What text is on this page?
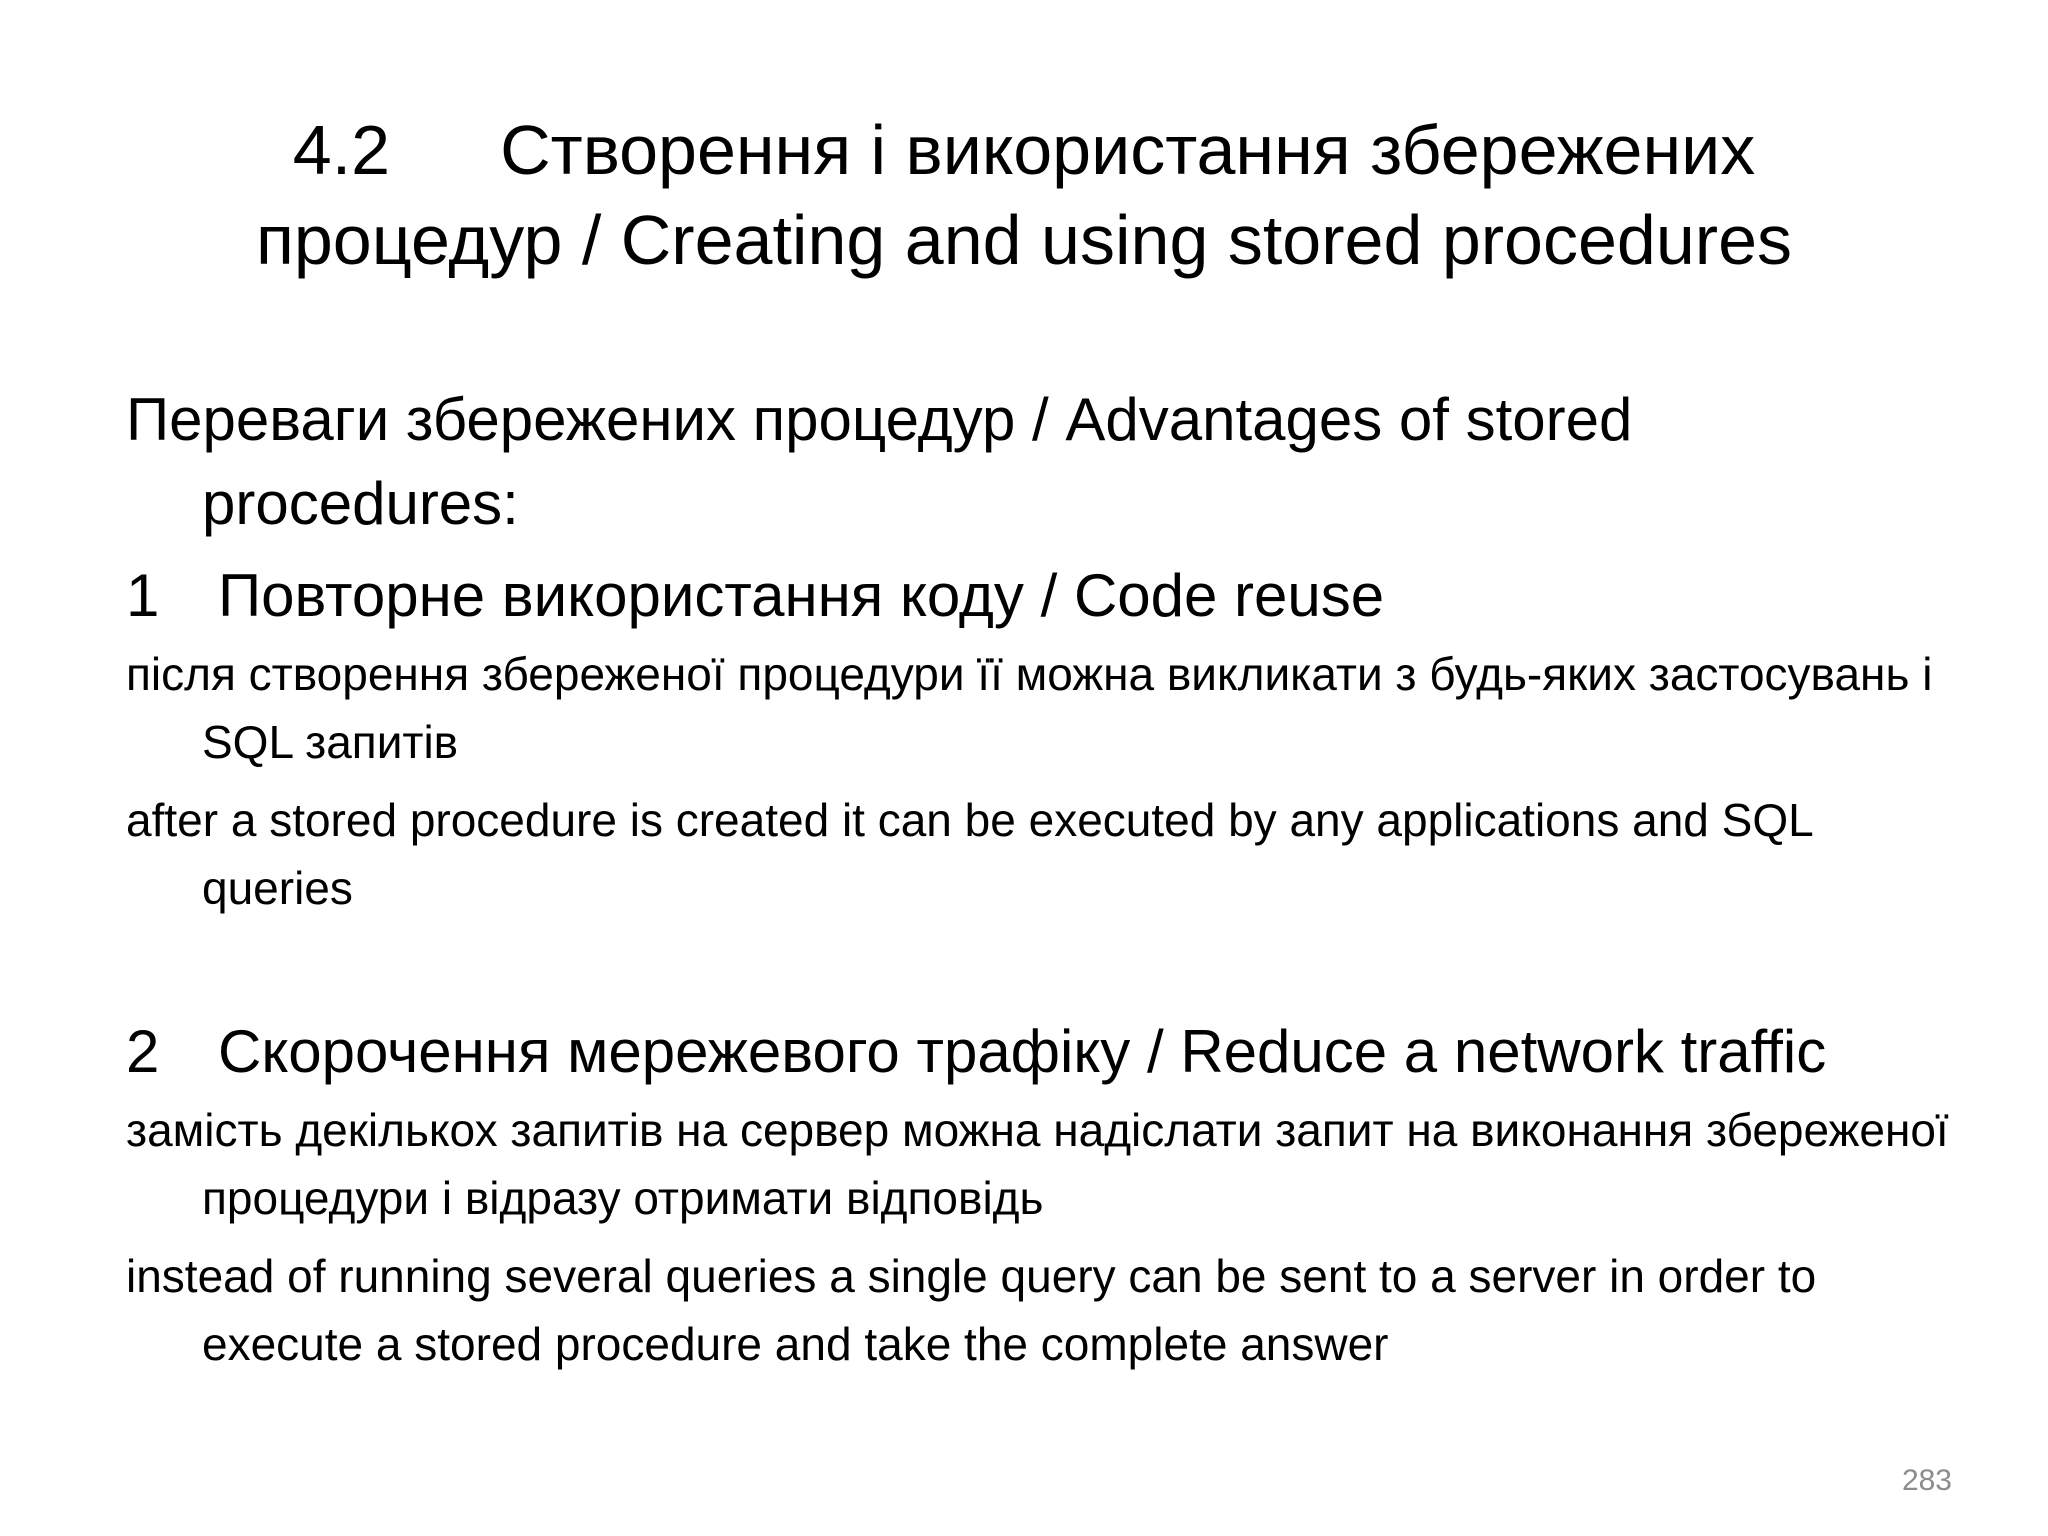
4.2 Створення і використання збережених процедур / Creating and using stored procedures

Переваги збережених процедур / Advantages of stored procedures:

1 Повторне використання коду / Code reuse

після створення збереженої процедури її можна викликати з будь-яких застосувань і SQL запитів

after a stored procedure is created it can be executed by any applications and SQL queries

2 Скорочення мережевого трафіку / Reduce a network traffic

замість декількох запитів на сервер можна надіслати запит на виконання збереженої процедури і відразу отримати відповідь

instead of running several queries a single query can be sent to a server in order to execute a stored procedure and take the complete answer

283
